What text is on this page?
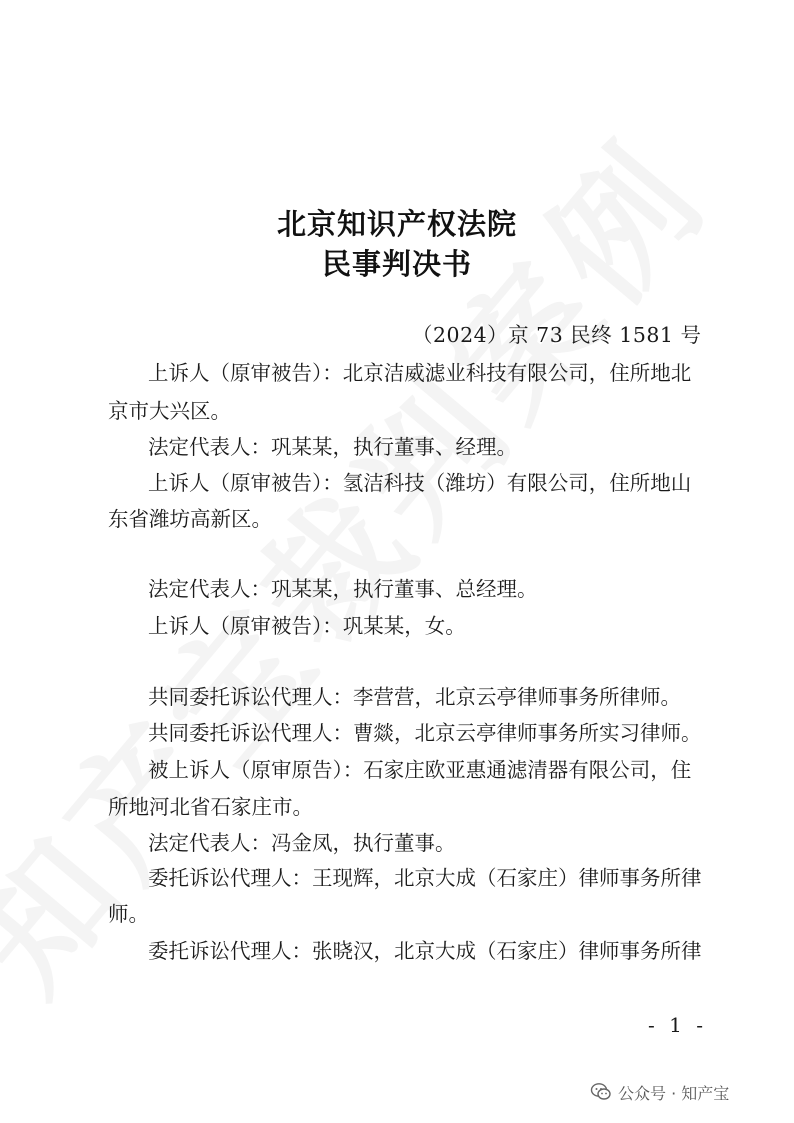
北京知识产权法院
民事判决书
（2024）京 73 民终 1581 号
上诉人（原审被告）：北京洁威滤业科技有限公司，住所地北
京市大兴区。
法定代表人：巩某某，执行董事、经理。
上诉人（原审被告）：氢洁科技（潍坊）有限公司，住所地山
东省潍坊高新区。
法定代表人：巩某某，执行董事、总经理。
上诉人（原审被告）：巩某某，女。
共同委托诉讼代理人：李营营，北京云亭律师事务所律师。
共同委托诉讼代理人：曹燚，北京云亭律师事务所实习律师。
被上诉人（原审原告）：石家庄欧亚惠通滤清器有限公司，住
所地河北省石家庄市。
法定代表人：冯金凤，执行董事。
委托诉讼代理人：王现辉，北京大成（石家庄）律师事务所律
师。
委托诉讼代理人：张晓汉，北京大成（石家庄）律师事务所律
- 1 -
公众号 · 知产宝
